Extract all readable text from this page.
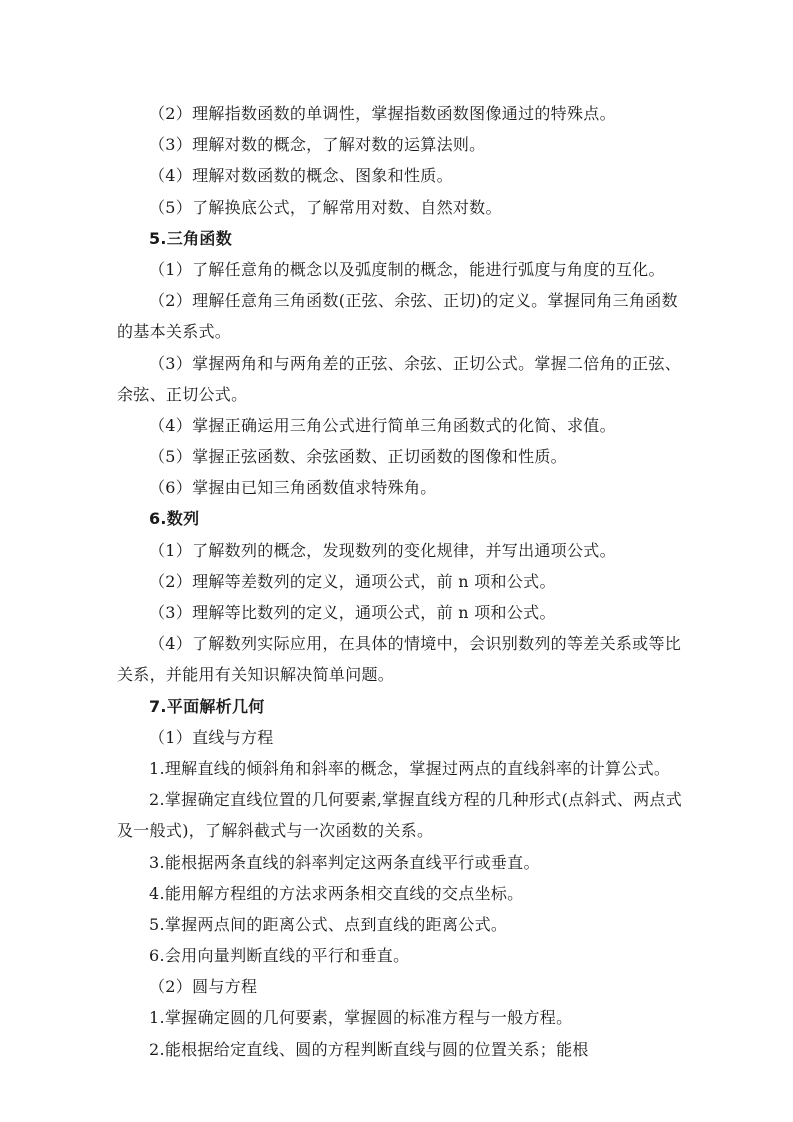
（2）理解指数函数的单调性，掌握指数函数图像通过的特殊点。
（3）理解对数的概念，了解对数的运算法则。
（4）理解对数函数的概念、图象和性质。
（5）了解换底公式，了解常用对数、自然对数。
5.三角函数
（1）了解任意角的概念以及弧度制的概念，能进行弧度与角度的互化。
（2）理解任意角三角函数(正弦、余弦、正切)的定义。掌握同角三角函数
的基本关系式。
（3）掌握两角和与两角差的正弦、余弦、正切公式。掌握二倍角的正弦、
余弦、正切公式。
（4）掌握正确运用三角公式进行简单三角函数式的化简、求值。
（5）掌握正弦函数、余弦函数、正切函数的图像和性质。
（6）掌握由已知三角函数值求特殊角。
6.数列
（1）了解数列的概念，发现数列的变化规律，并写出通项公式。
（2）理解等差数列的定义，通项公式，前 n 项和公式。
（3）理解等比数列的定义，通项公式，前 n 项和公式。
（4）了解数列实际应用，在具体的情境中，会识别数列的等差关系或等比
关系，并能用有关知识解决简单问题。
7.平面解析几何
（1）直线与方程
1.理解直线的倾斜角和斜率的概念，掌握过两点的直线斜率的计算公式。
2.掌握确定直线位置的几何要素,掌握直线方程的几种形式(点斜式、两点式
及一般式)，了解斜截式与一次函数的关系。
3.能根据两条直线的斜率判定这两条直线平行或垂直。
4.能用解方程组的方法求两条相交直线的交点坐标。
5.掌握两点间的距离公式、点到直线的距离公式。
6.会用向量判断直线的平行和垂直。
（2）圆与方程
1.掌握确定圆的几何要素，掌握圆的标准方程与一般方程。
2.能根据给定直线、圆的方程判断直线与圆的位置关系；能根
